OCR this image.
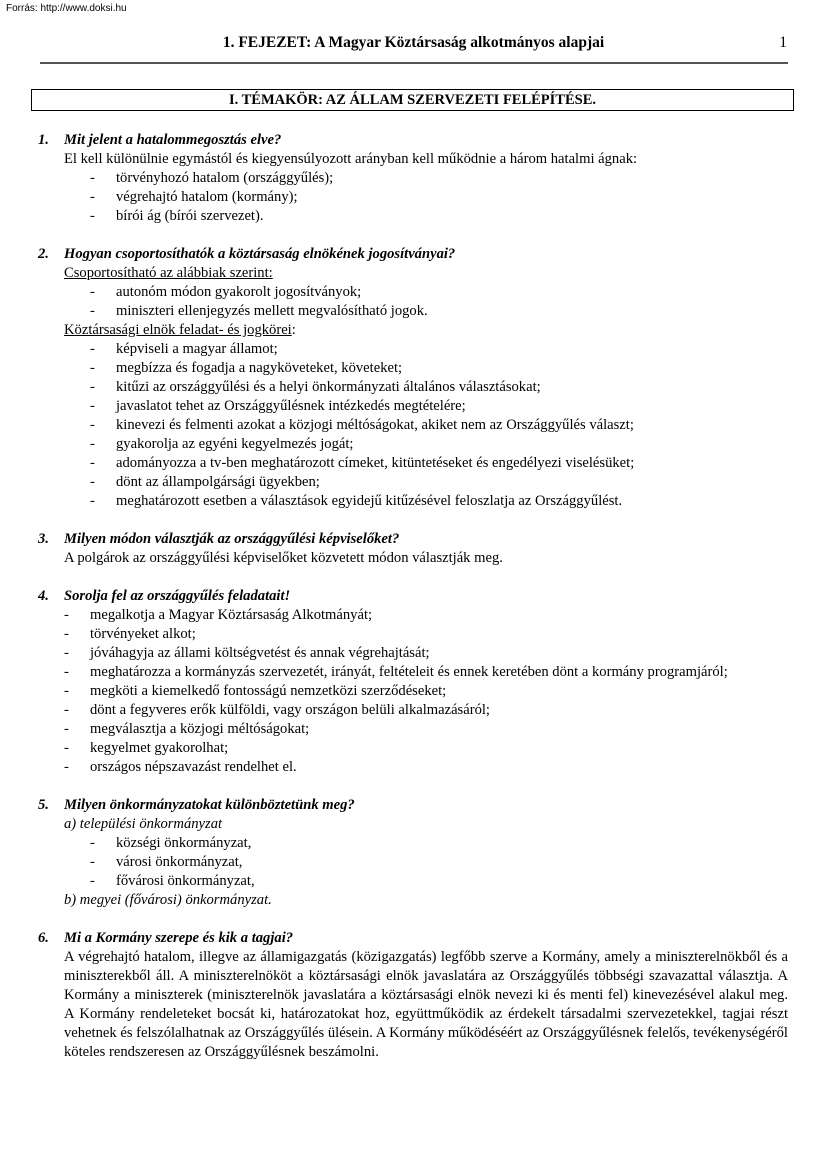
Forrás: http://www.doksi.hu
1. FEJEZET: A Magyar Köztársaság alkotmányos alapjai	1
I. TÉMAKÖR: AZ ÁLLAM SZERVEZETI FELÉPÍTÉSE.
1. Mit jelent a hatalommegosztás elve?
El kell különülnie egymástól és kiegyensúlyozott arányban kell működnie a három hatalmi ágnak:
- törvényhozó hatalom (országgyűlés);
- végrehajtó hatalom (kormány);
- bírói ág (bírói szervezet).
2. Hogyan csoportosíthatók a köztársaság elnökének jogosítványai?
Csoportosítható az alábbiak szerint:
- autonóm módon gyakorolt jogosítványok;
- miniszteri ellenjegyzés mellett megvalósítható jogok.
Köztársasági elnök feladat- és jogkörei:
- képviseli a magyar államot;
- megbízza és fogadja a nagyköveteket, követeket;
- kitűzi az országgyűlési és a helyi önkormányzati általános választásokat;
- javaslatot tehet az Országgyűlésnek intézkedés megtételére;
- kinevezi és felmenti azokat a közjogi méltóságokat, akiket nem az Országgyűlés választ;
- gyakorolja az egyéni kegyelmezés jogát;
- adományozza a tv-ben meghatározott címeket, kitüntetéseket és engedélyezi viselésüket;
- dönt az állampolgársági ügyekben;
- meghatározott esetben a választások egyidejű kitűzésével feloszlatja az Országgyűlést.
3. Milyen módon választják az országgyűlési képviselőket?
A polgárok az országgyűlési képviselőket közvetett módon választják meg.
4. Sorolja fel az országgyűlés feladatait!
- megalkotja a Magyar Köztársaság Alkotmányát;
- törvényeket alkot;
- jóváhagyja az állami költségvetést és annak végrehajtását;
- meghatározza a kormányzás szervezetét, irányát, feltételeit és ennek keretében dönt a kormány programjáról;
- megköti a kiemelkedő fontosságú nemzetközi szerződéseket;
- dönt a fegyveres erők külföldi, vagy országon belüli alkalmazásáról;
- megválasztja a közjogi méltóságokat;
- kegyelmet gyakorolhat;
- országos népszavazást rendelhet el.
5. Milyen önkormányzatokat különböztetünk meg?
a) települési önkormányzat
- községi önkormányzat,
- városi önkormányzat,
- fővárosi önkormányzat,
b) megyei (fővárosi) önkormányzat.
6. Mi a Kormány szerepe és kik a tagjai?
A végrehajtó hatalom, illegve az államigazgatás (közigazgatás) legfőbb szerve a Kormány, amely a miniszterelnökből és a miniszterekből áll. A miniszterelnököt a köztársasági elnök javaslatára az Országgyűlés többségi szavazattal választja. A Kormány a miniszterek (miniszterelnök javaslatára a köztársasági elnök nevezi ki és menti fel) kinevezésével alakul meg. A Kormány rendeleteket bocsát ki, határozatokat hoz, együttműködik az érdekelt társadalmi szervezetekkel, tagjai részt vehetnek és felszólalhatnak az Országgyűlés ülésein. A Kormány működéséért az Országgyűlésnek felelős, tevékenységéről köteles rendszeresen az Országgyűlésnek beszámolni.
